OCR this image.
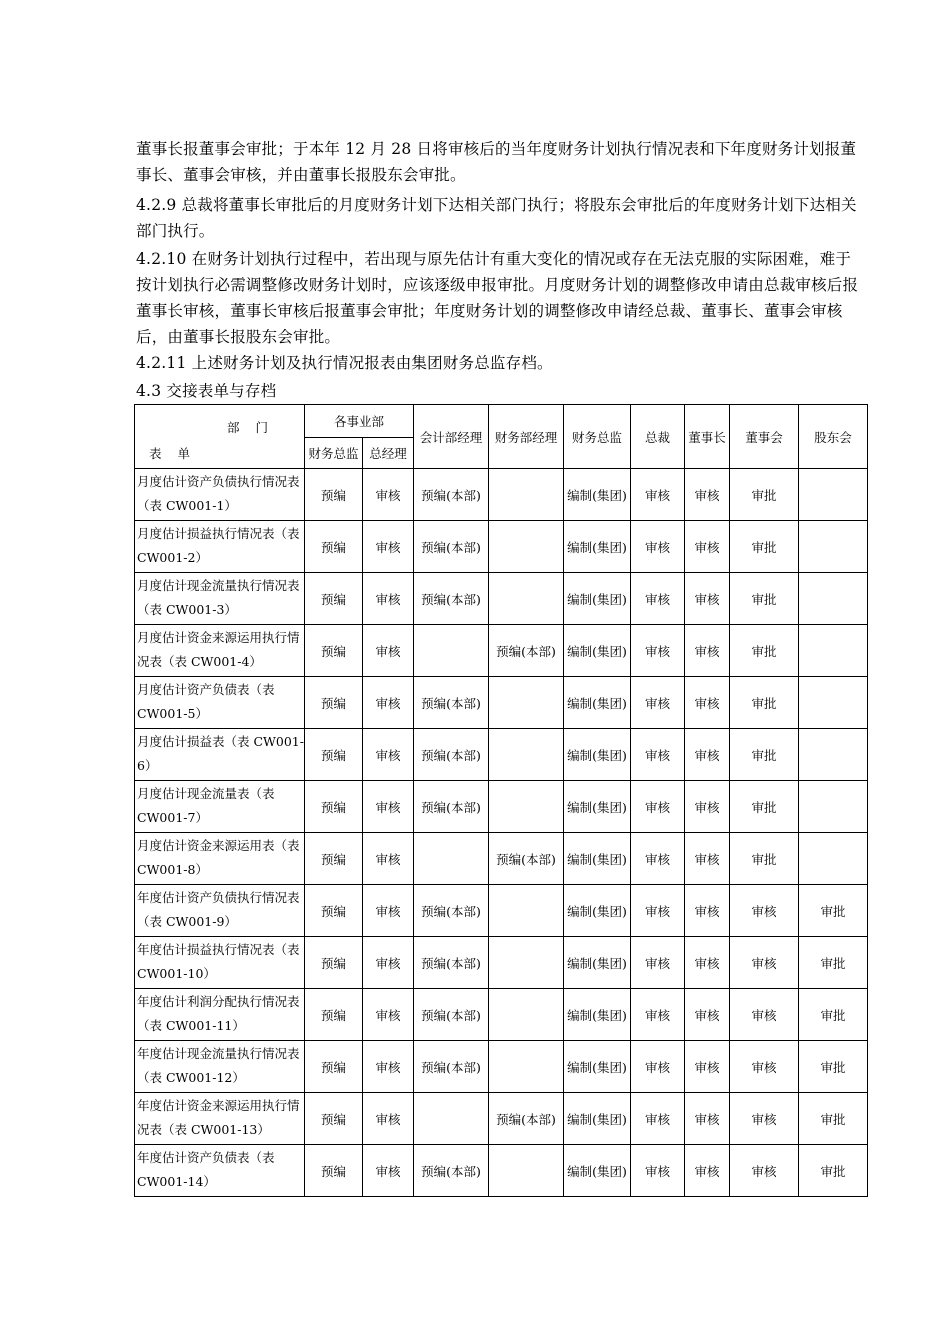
董事长报董事会审批；于本年 12 月 28 日将审核后的当年度财务计划执行情况表和下年度财务计划报董事长、董事会审核，并由董事长报股东会审批。
4.2.9 总裁将董事长审批后的月度财务计划下达相关部门执行；将股东会审批后的年度财务计划下达相关部门执行。
4.2.10 在财务计划执行过程中，若出现与原先估计有重大变化的情况或存在无法克服的实际困难，难于按计划执行必需调整修改财务计划时，应该逐级申报审批。月度财务计划的调整修改申请由总裁审核后报董事长审核，董事长审核后报董事会审批；年度财务计划的调整修改申请经总裁、董事长、董事会审核后，由董事长报股东会审批。
4.2.11 上述财务计划及执行情况报表由集团财务总监存档。
4.3 交接表单与存档
部门
表单	各事业部		会计部经理	财务部经理	财务总监	总裁	董事长	董事会	股东会
	财务总监	总经理							
月度估计资产负债执行情况表（表 CW001-1）	预编	审核	预编(本部)		编制(集团)	审核	审核	审批	
月度估计损益执行情况表（表 CW001-2）	预编	审核	预编(本部)		编制(集团)	审核	审核	审批	
月度估计现金流量执行情况表（表 CW001-3）	预编	审核	预编(本部)		编制(集团)	审核	审核	审批	
月度估计资金来源运用执行情况表（表 CW001-4）	预编	审核		预编(本部)	编制(集团)	审核	审核	审批	
月度估计资产负债表（表 CW001-5）	预编	审核	预编(本部)		编制(集团)	审核	审核	审批	
月度估计损益表（表 CW001-6）	预编	审核	预编(本部)		编制(集团)	审核	审核	审批	
月度估计现金流量表（表 CW001-7）	预编	审核	预编(本部)		编制(集团)	审核	审核	审批	
月度估计资金来源运用表（表 CW001-8）	预编	审核		预编(本部)	编制(集团)	审核	审核	审批	
年度估计资产负债执行情况表（表 CW001-9）	预编	审核	预编(本部)		编制(集团)	审核	审核	审核	审批
年度估计损益执行情况表（表 CW001-10）	预编	审核	预编(本部)		编制(集团)	审核	审核	审核	审批
年度估计利润分配执行情况表（表 CW001-11）	预编	审核	预编(本部)		编制(集团)	审核	审核	审核	审批
年度估计现金流量执行情况表（表 CW001-12）	预编	审核	预编(本部)		编制(集团)	审核	审核	审核	审批
年度估计资金来源运用执行情况表（表 CW001-13）	预编	审核		预编(本部)	编制(集团)	审核	审核	审核	审批
年度估计资产负债表（表 CW001-14）	预编	审核	预编(本部)		编制(集团)	审核	审核	审核	审批
